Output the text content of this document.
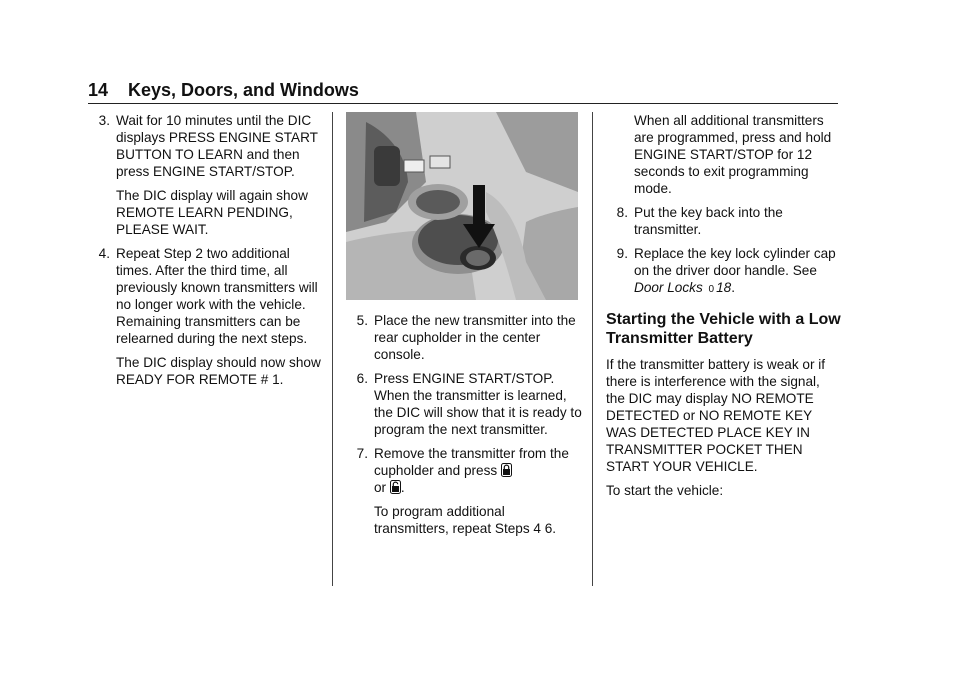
14 Keys, Doors, and Windows
3. Wait for 10 minutes until the DIC displays PRESS ENGINE START BUTTON TO LEARN and then press ENGINE START/STOP.
The DIC display will again show REMOTE LEARN PENDING, PLEASE WAIT.
4. Repeat Step 2 two additional times. After the third time, all previously known transmitters will no longer work with the vehicle. Remaining transmitters can be relearned during the next steps.
The DIC display should now show READY FOR REMOTE # 1.
5. Place the new transmitter into the rear cupholder in the center console.
6. Press ENGINE START/STOP. When the transmitter is learned, the DIC will show that it is ready to program the next transmitter.
7. Remove the transmitter from the cupholder and press
or .
To program additional transmitters, repeat Steps 4 6.
When all additional transmitters are programmed, press and hold ENGINE START/STOP for 12 seconds to exit programming mode.
8. Put the key back into the transmitter.
9. Replace the key lock cylinder cap on the driver door handle. See Door Locks 0 18.
Starting the Vehicle with a Low Transmitter Battery
If the transmitter battery is weak or if there is interference with the signal, the DIC may display NO REMOTE DETECTED or NO REMOTE KEY WAS DETECTED PLACE KEY IN TRANSMITTER POCKET THEN START YOUR VEHICLE.
To start the vehicle:
